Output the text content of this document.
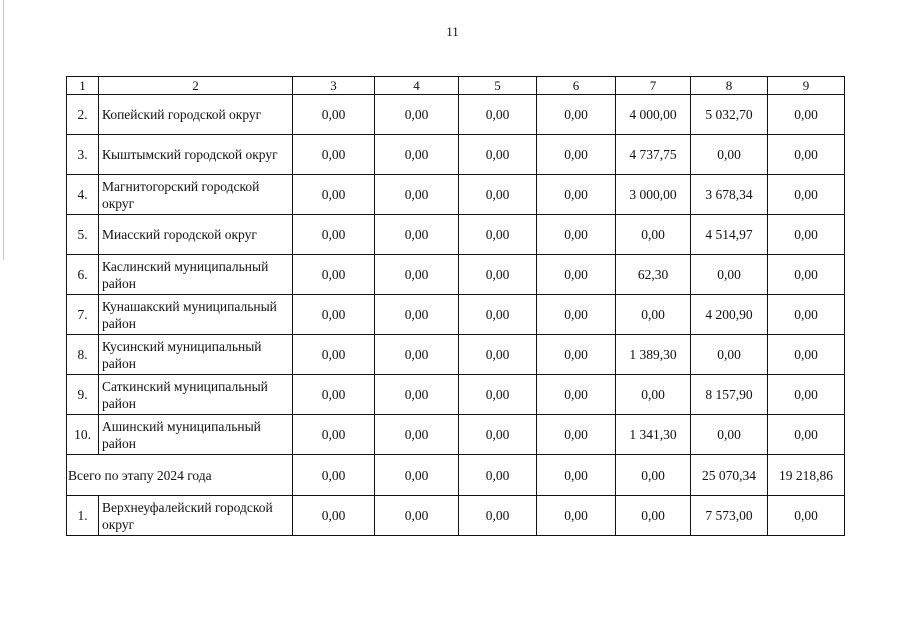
11
1	2	3	4	5	6	7	8	9
2.	Копейский городской округ	0,00	0,00	0,00	0,00	4 000,00	5 032,70	0,00
3.	Кыштымский городской округ	0,00	0,00	0,00	0,00	4 737,75	0,00	0,00
4.	Магнитогорский городской округ	0,00	0,00	0,00	0,00	3 000,00	3 678,34	0,00
5.	Миасский городской округ	0,00	0,00	0,00	0,00	0,00	4 514,97	0,00
6.	Каслинский муниципальный район	0,00	0,00	0,00	0,00	62,30	0,00	0,00
7.	Кунашакский муниципальный район	0,00	0,00	0,00	0,00	0,00	4 200,90	0,00
8.	Кусинский муниципальный район	0,00	0,00	0,00	0,00	1 389,30	0,00	0,00
9.	Саткинский муниципальный район	0,00	0,00	0,00	0,00	0,00	8 157,90	0,00
10.	Ашинский муниципальный район	0,00	0,00	0,00	0,00	1 341,30	0,00	0,00
Всего по этапу 2024 года		0,00	0,00	0,00	0,00	0,00	25 070,34	19 218,86
1.	Верхнеуфалейский городской округ	0,00	0,00	0,00	0,00	0,00	7 573,00	0,00
